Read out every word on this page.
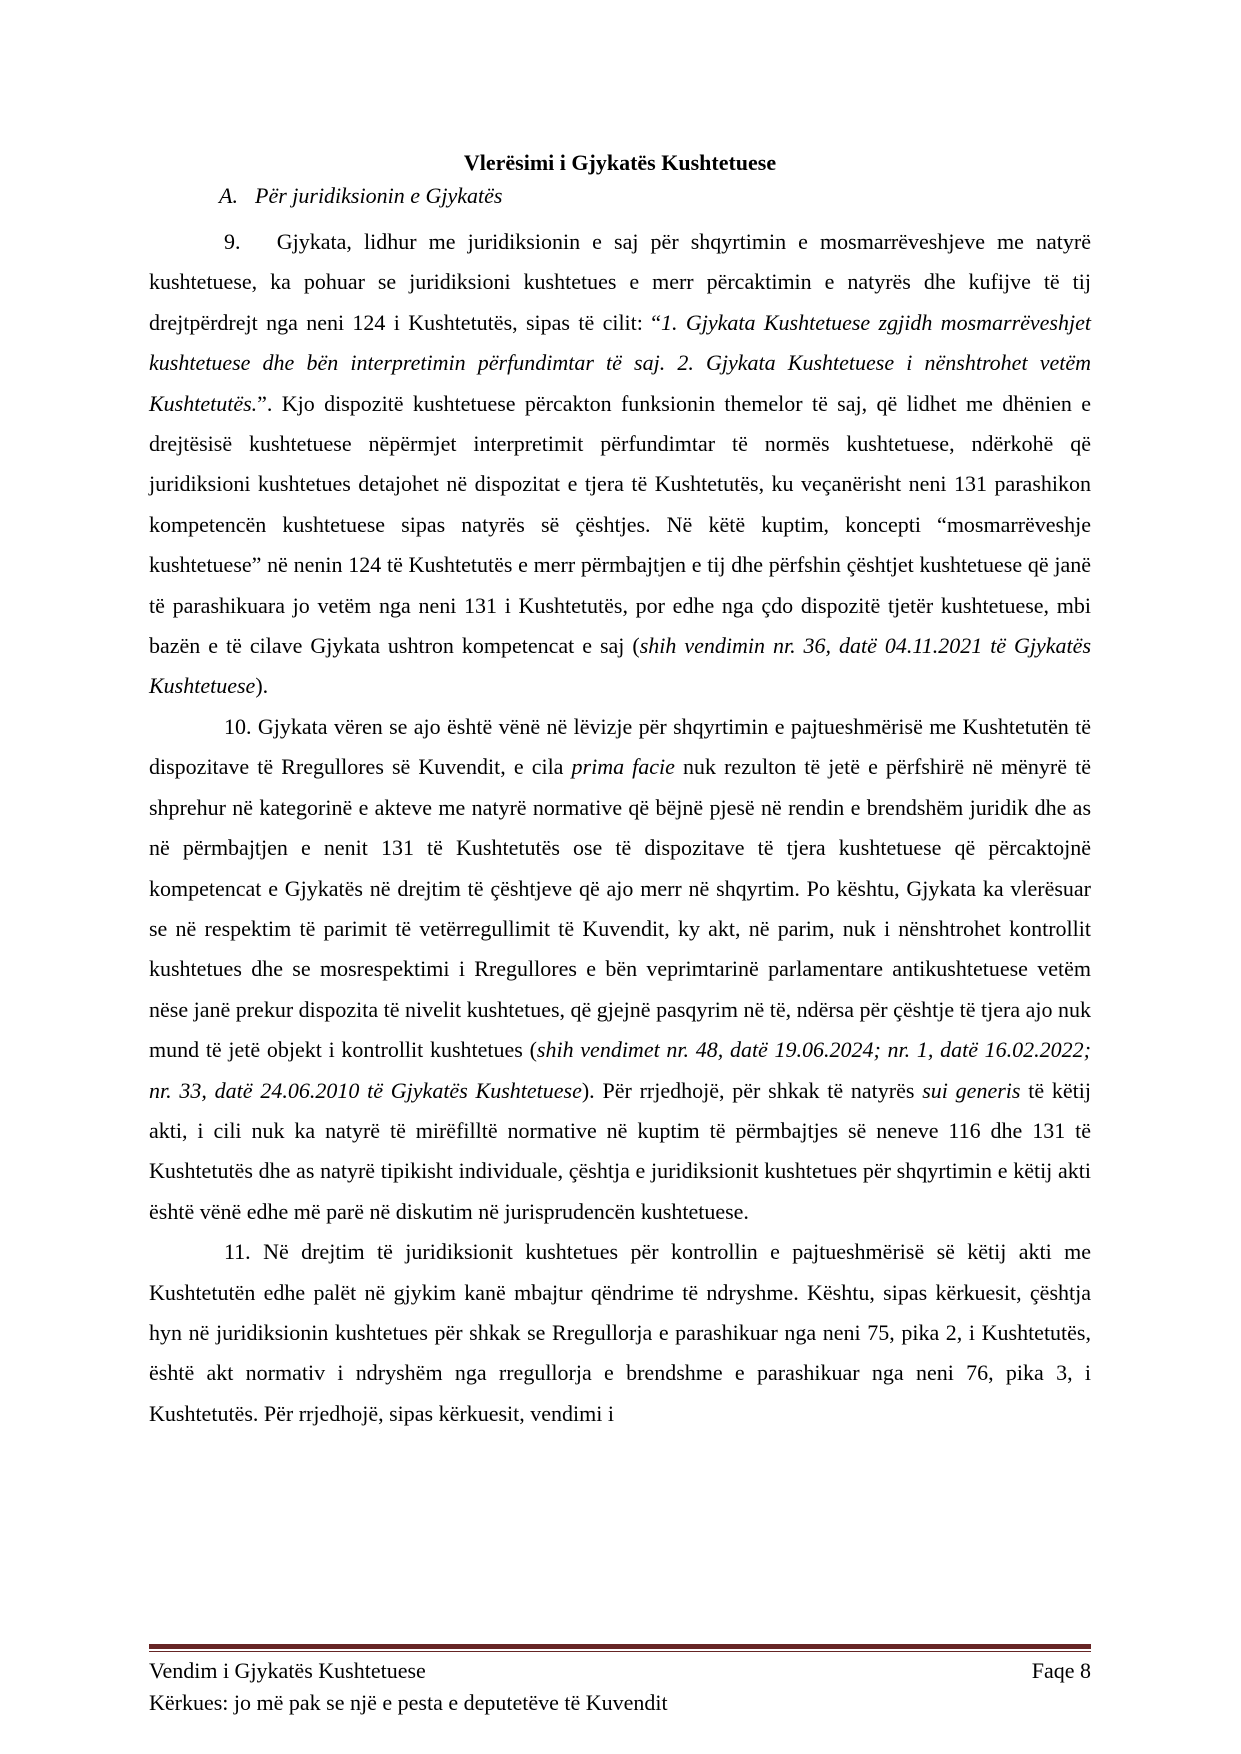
Vlerësimi i Gjykatës Kushtetuese

A. Për juridiksionin e Gjykatës

9. Gjykata, lidhur me juridiksionin e saj për shqyrtimin e mosmarrëveshjeve me natyrë kushtetuese, ka pohuar se juridiksioni kushtetues e merr përcaktimin e natyrës dhe kufijve të tij drejtpërdrejt nga neni 124 i Kushtetutës, sipas të cilit: “1. Gjykata Kushtetuese zgjidh mosmarrëveshjet kushtetuese dhe bën interpretimin përfundimtar të saj. 2. Gjykata Kushtetuese i nënshtrohet vetëm Kushtetutës.”. Kjo dispozitë kushtetuese përcakton funksionin themelor të saj, që lidhet me dhënien e drejtësisë kushtetuese nëpërmjet interpretimit përfundimtar të normës kushtetuese, ndërkohë që juridiksioni kushtetues detajohet në dispozitat e tjera të Kushtetutës, ku veçanërisht neni 131 parashikon kompetencën kushtetuese sipas natyrës së çështjes. Në këtë kuptim, koncepti “mosmarrëveshje kushtetuese” në nenin 124 të Kushtetutës e merr përmbajtjen e tij dhe përfshin çështjet kushtetuese që janë të parashikuara jo vetëm nga neni 131 i Kushtetutës, por edhe nga çdo dispozitë tjetër kushtetuese, mbi bazën e të cilave Gjykata ushtron kompetencat e saj (shih vendimin nr. 36, datë 04.11.2021 të Gjykatës Kushtetuese).

10. Gjykata vëren se ajo është vënë në lëvizje për shqyrtimin e pajtueshmërisë me Kushtetutën të dispozitave të Rregullores së Kuvendit, e cila prima facie nuk rezulton të jetë e përfshirë në mënyrë të shprehur në kategorinë e akteve me natyrë normative që bëjnë pjesë në rendin e brendshëm juridik dhe as në përmbajtjen e nenit 131 të Kushtetutës ose të dispozitave të tjera kushtetuese që përcaktojnë kompetencat e Gjykatës në drejtim të çështjeve që ajo merr në shqyrtim. Po kështu, Gjykata ka vlerësuar se në respektim të parimit të vetërregullimit të Kuvendit, ky akt, në parim, nuk i nënshtrohet kontrollit kushtetues dhe se mosrespektimi i Rregullores e bën veprimtarinë parlamentare antikushtetuese vetëm nëse janë prekur dispozita të nivelit kushtetues, që gjejnë pasqyrim në të, ndërsa për çështje të tjera ajo nuk mund të jetë objekt i kontrollit kushtetues (shih vendimet nr. 48, datë 19.06.2024; nr. 1, datë 16.02.2022; nr. 33, datë 24.06.2010 të Gjykatës Kushtetuese). Për rrjedhojë, për shkak të natyrës sui generis të këtij akti, i cili nuk ka natyrë të mirëfilltë normative në kuptim të përmbajtjes së neneve 116 dhe 131 të Kushtetutës dhe as natyrë tipikisht individuale, çështja e juridiksionit kushtetues për shqyrtimin e këtij akti është vënë edhe më parë në diskutim në jurisprudencën kushtetuese.

11. Në drejtim të juridiksionit kushtetues për kontrollin e pajtueshmërisë së këtij akti me Kushtetutën edhe palët në gjykim kanë mbajtur qëndrime të ndryshme. Kështu, sipas kërkuesit, çështja hyn në juridiksionin kushtetues për shkak se Rregullorja e parashikuar nga neni 75, pika 2, i Kushtetutës, është akt normativ i ndryshëm nga rregullorja e brendshme e parashikuar nga neni 76, pika 3, i Kushtetutës. Për rrjedhojë, sipas kërkuesit, vendimi i

Vendim i Gjykatës Kushtetuese	Faqe 8
Kërkues: jo më pak se një e pesta e deputetëve të Kuvendit
